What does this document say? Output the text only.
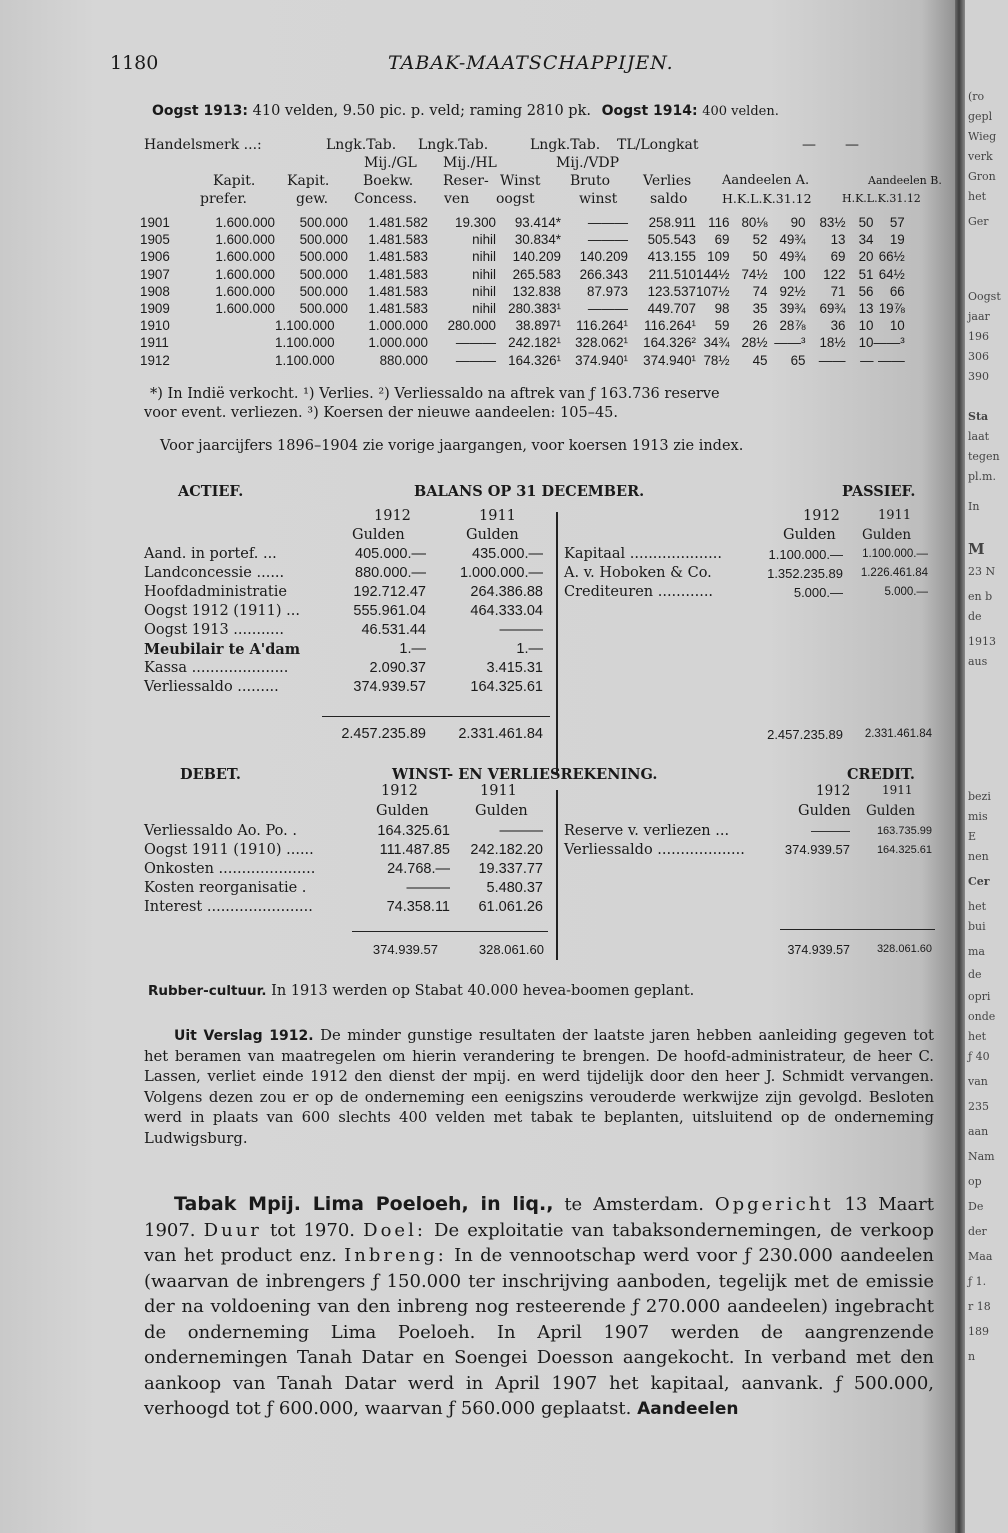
1180	TABAK-MAATSCHAPPIJEN.
Oogst 1913: 410 velden, 9.50 pic. p. veld; raming 2810 pk. Oogst 1914: 400 velden.
Handelsmerk ...:	Lngk.Tab. Lngk.Tab.	Lngk.Tab. TL/Longkat	— —
Mij./GL Mij./HL	Mij./VDP
Kapit. Kapit. Boekw. Reser- Winst Bruto Verlies Aandeelen A.	Aandeelen B.
prefer.	gew. Concess. ven oogst	winst saldo	H.K.L.K.31.12	H.K.L.K.31.12
1901	1.600.000	500.000	1.481.582	19.300	93.414*	———	258.911	116	80⅛	90	83½	50	57
1905	1.600.000	500.000	1.481.583	nihil	30.834*	———	505.543	69	52	49¾	13	34	19
1906	1.600.000	500.000	1.481.583	nihil	140.209	140.209	413.155	109	50	49¾	69	20	66½
1907	1.600.000	500.000	1.481.583	nihil	265.583	266.343	211.510	144½	74½	100	122	51	64½
1908	1.600.000	500.000	1.481.583	nihil	132.838	87.973	123.537	107½	74	92½	71	56	66
1909	1.600.000	500.000	1.481.583	nihil	280.383¹	———	449.707	98	35	39¾	69¾	13	19⅞
1910		1.100.000	1.000.000	280.000	38.897¹	116.264¹	116.264¹	59	26	28⅞	36	10	10
1911		1.100.000	1.000.000	———	242.182¹	328.062¹	164.326²	34¾	28½	——³	18½	10	——³
1912		1.100.000	880.000	———	164.326¹	374.940¹	374.940¹	78½	45	65	——	—	——
*) In Indië verkocht. ¹) Verlies. ²) Verliessaldo na aftrek van ƒ 163.736 reserve
voor event. verliezen. ³) Koersen der nieuwe aandeelen: 105–45.
Voor jaarcijfers 1896–1904 zie vorige jaargangen, voor koersen 1913 zie index.
ACTIEF.	BALANS OP 31 DECEMBER.	PASSIEF.
1912	1911
Gulden	Gulden
Aand. in portef. ...	405.000.—	435.000.—
Landconcessie ......	880.000.—	1.000.000.—
Hoofdadministratie	192.712.47	264.386.88
Oogst 1912 (1911) ...	555.961.04	464.333.04
Oogst 1913 ...........	46.531.44	———
Meubilair te A'dam	1.—	1.—
Kassa .....................	2.090.37	3.415.31
Verliessaldo .........	374.939.57	164.325.61
2.457.235.89	2.331.461.84
1912	1911
Gulden Gulden
Kapitaal ....................	1.100.000.—	1.100.000.—
A. v. Hoboken & Co.	1.352.235.89	1.226.461.84
Crediteuren ............	5.000.—	5.000.—
2.457.235.89	2.331.461.84
DEBET.	WINST- EN VERLIESREKENING.	CREDIT.
1912	1911
Gulden	Gulden
Verliessaldo Ao. Po. .	164.325.61	———
Oogst 1911 (1910) ......	111.487.85	242.182.20
Onkosten .....................	24.768.—	19.337.77
Kosten reorganisatie .	———	5.480.37
Interest .......................	74.358.11	61.061.26
374.939.57	328.061.60
1912	1911
Gulden Gulden
Reserve v. verliezen ...	———	163.735.99
Verliessaldo ...................	374.939.57	164.325.61
374.939.57	328.061.60
Rubber-cultuur. In 1913 werden op Stabat 40.000 hevea-boomen geplant.
Uit Verslag 1912. De minder gunstige resultaten der laatste jaren hebben aanleiding gegeven tot het beramen van maatregelen om hierin verandering te brengen. De hoofd-administrateur, de heer C. Lassen, verliet einde 1912 den dienst der mpij. en werd tijdelijk door den heer J. Schmidt vervangen. Volgens dezen zou er op de onderneming een eenigszins verouderde werkwijze zijn gevolgd. Besloten werd in plaats van 600 slechts 400 velden met tabak te beplanten, uitsluitend op de onderneming Ludwigsburg.
Tabak Mpij. Lima Poeloeh, in liq., te Amsterdam. Opgericht 13 Maart 1907. Duur tot 1970. Doel: De exploitatie van tabaksondernemingen, de verkoop van het product enz. Inbreng: In de vennootschap werd voor ƒ 230.000 aandeelen (waarvan de inbrengers ƒ 150.000 ter inschrijving aanboden, tegelijk met de emissie der na voldoening van den inbreng nog resteerende ƒ 270.000 aandeelen) ingebracht de onderneming Lima Poeloeh. In April 1907 werden de aangrenzende ondernemingen Tanah Datar en Soengei Doesson aangekocht. In verband met den aankoop van Tanah Datar werd in April 1907 het kapitaal, aanvank. ƒ 500.000, verhoogd tot ƒ 600.000, waarvan ƒ 560.000 geplaatst. Aandeelen
(ro
gepl
Wieg
verk
Gron
het
Ger
Oogst
jaar
196
306
390
Sta
laat
tegen
pl.m.
In
M
23 N
en b
de
1913
aus
bezi
mis
E
nen
Cer
het
bui
ma
de
opri
onde
het
ƒ 40
van
235
aan
Nam
op
De
der
Maa
ƒ 1.
r 18
189
n
